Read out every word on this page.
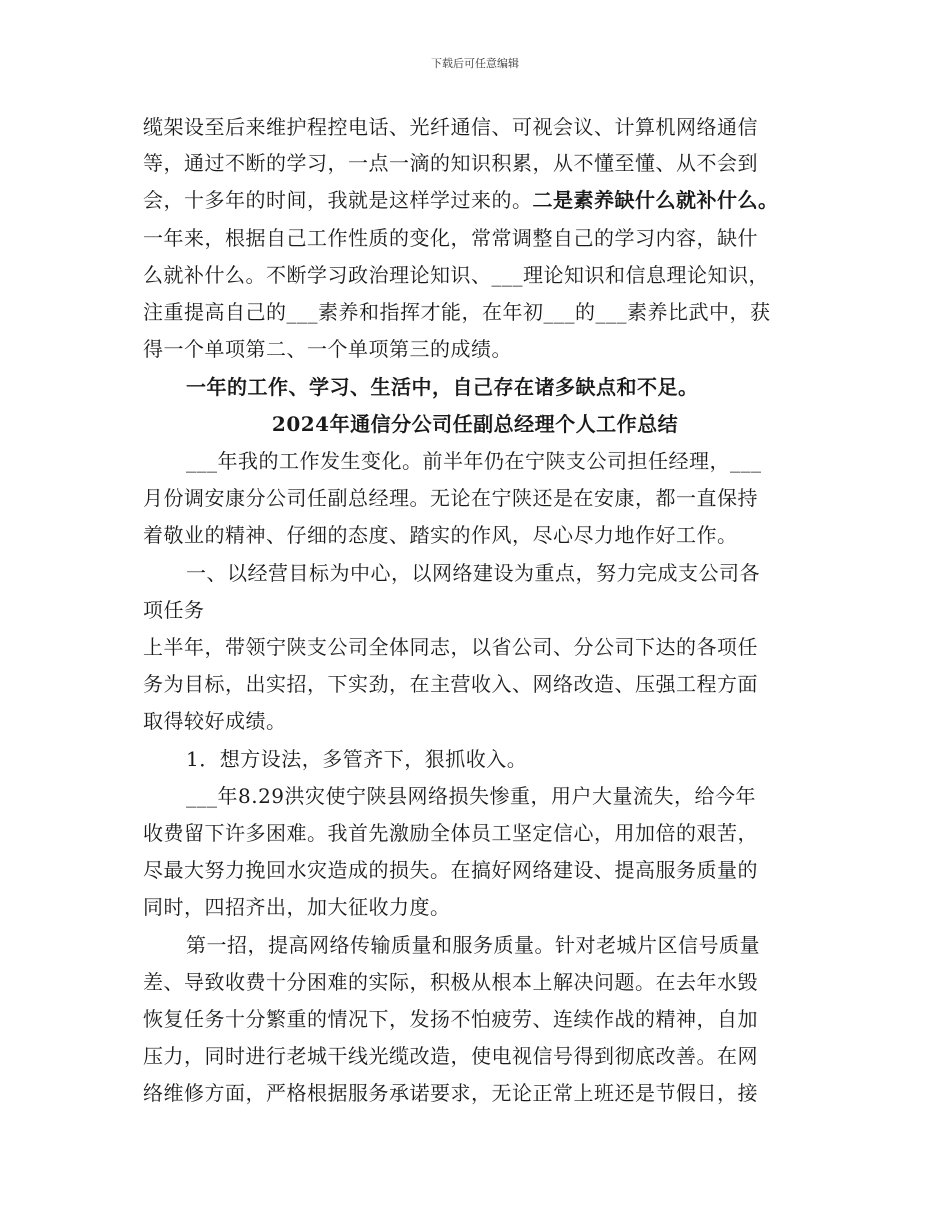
下载后可任意编辑
缆架设至后来维护程控电话、光纤通信、可视会议、计算机网络通信
等，通过不断的学习，一点一滴的知识积累，从不懂至懂、从不会到
会，十多年的时间，我就是这样学过来的。二是素养缺什么就补什么。
一年来，根据自己工作性质的变化，常常调整自己的学习内容，缺什
么就补什么。不断学习政治理论知识、___理论知识和信息理论知识，
注重提高自己的___素养和指挥才能，在年初___的___素养比武中，获
得一个单项第二、一个单项第三的成绩。
一年的工作、学习、生活中，自己存在诸多缺点和不足。
2024年通信分公司任副总经理个人工作总结
___年我的工作发生变化。前半年仍在宁陕支公司担任经理，___
月份调安康分公司任副总经理。无论在宁陕还是在安康，都一直保持
着敬业的精神、仔细的态度、踏实的作风，尽心尽力地作好工作。
一、以经营目标为中心，以网络建设为重点，努力完成支公司各
项任务
上半年，带领宁陕支公司全体同志，以省公司、分公司下达的各项任
务为目标，出实招，下实劲，在主营收入、网络改造、压强工程方面
取得较好成绩。
1．想方设法，多管齐下，狠抓收入。
___年8.29洪灾使宁陕县网络损失惨重，用户大量流失，给今年
收费留下许多困难。我首先激励全体员工坚定信心，用加倍的艰苦，
尽最大努力挽回水灾造成的损失。在搞好网络建设、提高服务质量的
同时，四招齐出，加大征收力度。
第一招，提高网络传输质量和服务质量。针对老城片区信号质量
差、导致收费十分困难的实际，积极从根本上解决问题。在去年水毁
恢复任务十分繁重的情况下，发扬不怕疲劳、连续作战的精神，自加
压力，同时进行老城干线光缆改造，使电视信号得到彻底改善。在网
络维修方面，严格根据服务承诺要求，无论正常上班还是节假日，接
